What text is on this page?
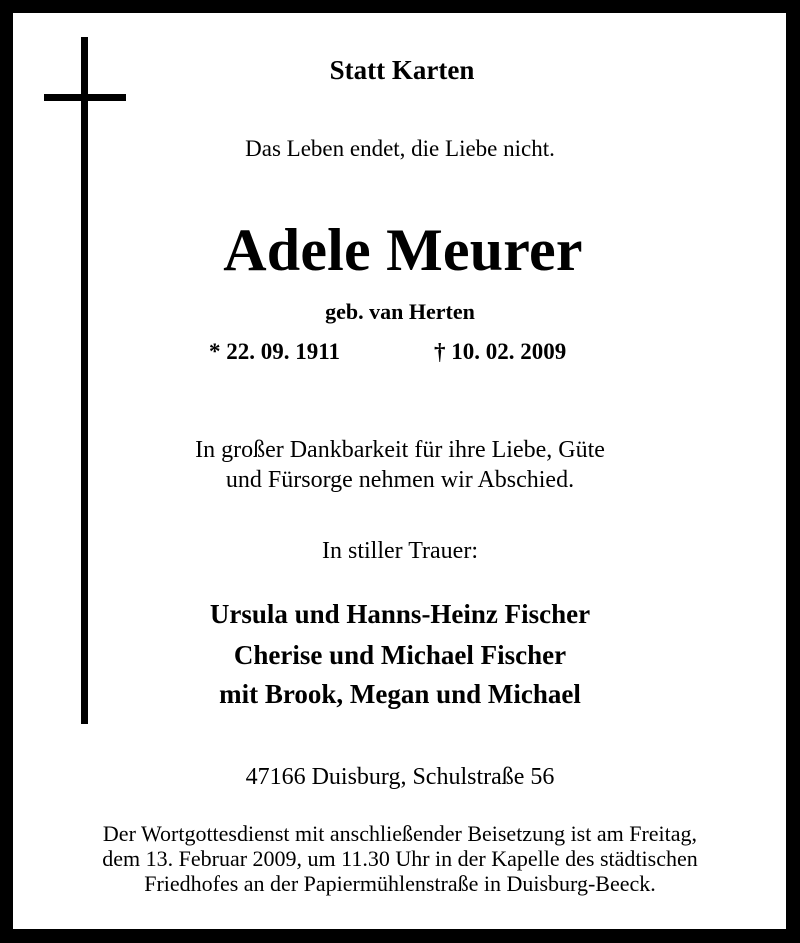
Statt Karten
Das Leben endet, die Liebe nicht.
Adele Meurer
geb. van Herten
* 22. 09. 1911	† 10. 02. 2009
In großer Dankbarkeit für ihre Liebe, Güte
und Fürsorge nehmen wir Abschied.
In stiller Trauer:
Ursula und Hanns-Heinz Fischer
Cherise und Michael Fischer
mit Brook, Megan und Michael
47166 Duisburg, Schulstraße 56
Der Wortgottesdienst mit anschließender Beisetzung ist am Freitag,
dem 13. Februar 2009, um 11.30 Uhr in der Kapelle des städtischen
Friedhofes an der Papiermühlenstraße in Duisburg-Beeck.
